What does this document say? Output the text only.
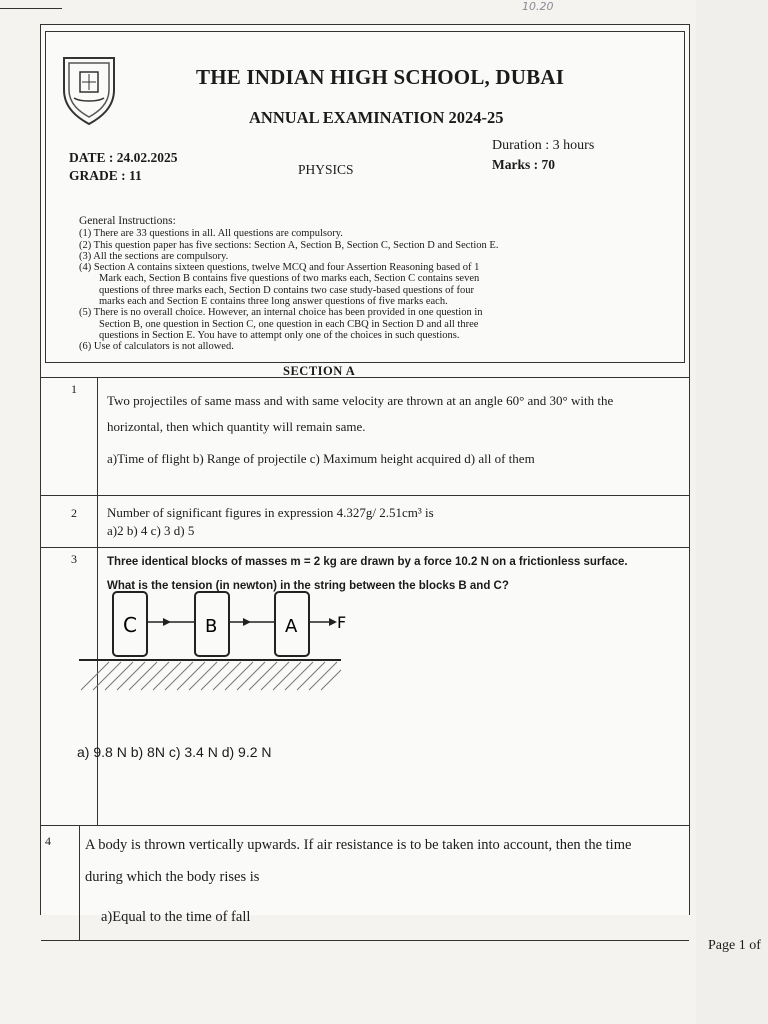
10.20
THE INDIAN HIGH SCHOOL, DUBAI
ANNUAL EXAMINATION 2024-25
DATE : 24.02.2025
GRADE : 11	PHYSICS
Duration : 3 hours
Marks : 70
General Instructions:
(1) There are 33 questions in all. All questions are compulsory.
(2) This question paper has five sections: Section A, Section B, Section C, Section D and Section E.
(3) All the sections are compulsory.
(4) Section A contains sixteen questions, twelve MCQ and four Assertion Reasoning based of 1
Mark each, Section B contains five questions of two marks each, Section C contains seven
questions of three marks each, Section D contains two case study-based questions of four
marks each and Section E contains three long answer questions of five marks each.
(5) There is no overall choice. However, an internal choice has been provided in one question in
Section B, one question in Section C, one question in each CBQ in Section D and all three
questions in Section E. You have to attempt only one of the choices in such questions.
(6) Use of calculators is not allowed.
SECTION A
1
Two projectiles of same mass and with same velocity are thrown at an angle 60° and 30° with the
horizontal, then which quantity will remain same.
a)Time of flight b) Range of projectile c) Maximum height acquired d) all of them
2 Number of significant figures in expression 4.327g/ 2.51cm³ is
a)2 b) 4 c) 3 d) 5
3	Three identical blocks of masses m = 2 kg are drawn by a force 10.2 N on a frictionless surface.
What is the tension (in newton) in the string between the blocks B and C?
C	B	A F
a) 9.8 N b) 8N c) 3.4 N d) 9.2 N
4 A body is thrown vertically upwards. If air resistance is to be taken into account, then the time
during which the body rises is
a)Equal to the time of fall
Page 1 of
